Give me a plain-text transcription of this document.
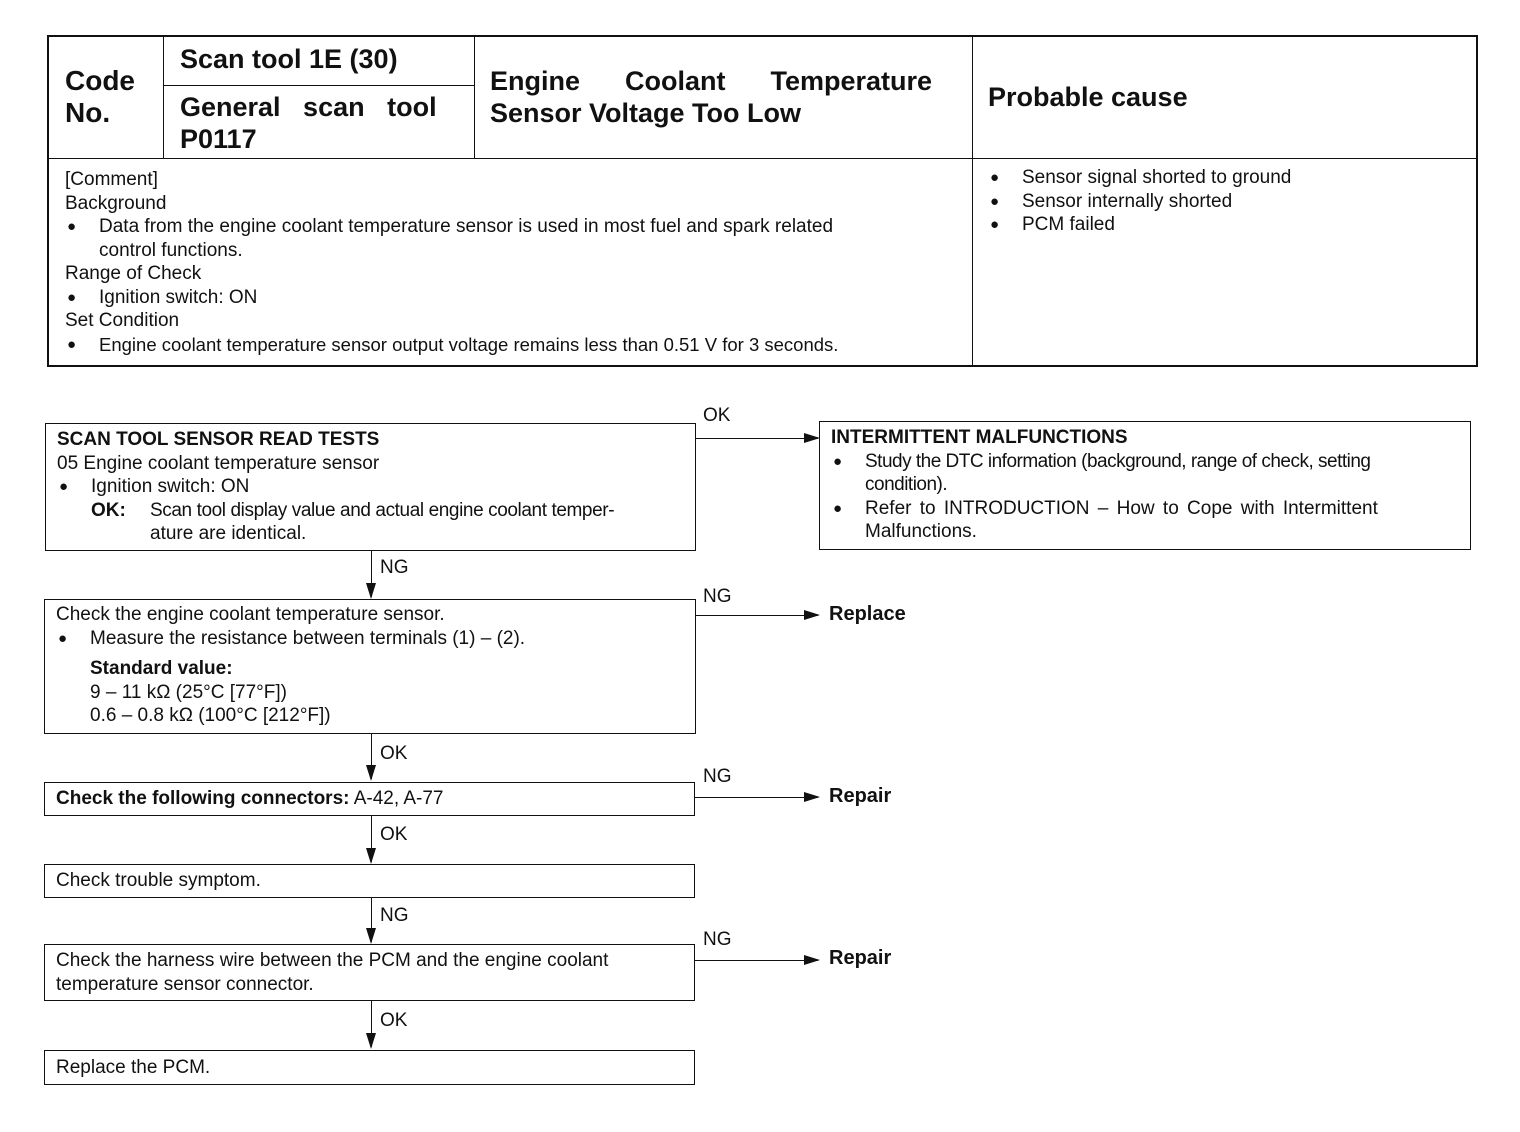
Code
No.
Scan tool 1E (30)
General   scan   tool
P0117
Engine      Coolant      Temperature
Sensor Voltage Too Low
Probable cause
[Comment]
Background
● Data from the engine coolant temperature sensor is used in most fuel and spark related
control functions.
Range of Check
● Ignition switch: ON
Set Condition
● Engine coolant temperature sensor output voltage remains less than 0.51 V for 3 seconds.
● Sensor signal shorted to ground
● Sensor internally shorted
● PCM failed
SCAN TOOL SENSOR READ TESTS
05 Engine coolant temperature sensor
● Ignition switch: ON
OK: Scan tool display value and actual engine coolant temper-
ature are identical.
OK
INTERMITTENT MALFUNCTIONS
● Study the DTC information (background, range of check, setting
condition).
● Refer to INTRODUCTION – How to Cope with Intermittent
Malfunctions.
NG
Check the engine coolant temperature sensor.
● Measure the resistance between terminals (1) – (2).
Standard value:
9 – 11 kΩ (25°C [77°F])
0.6 – 0.8 kΩ (100°C [212°F])
NG
Replace
OK
Check the following connectors: A-42, A-77
NG
Repair
OK
Check trouble symptom.
NG
Check the harness wire between the PCM and the engine coolant
temperature sensor connector.
NG
Repair
OK
Replace the PCM.
